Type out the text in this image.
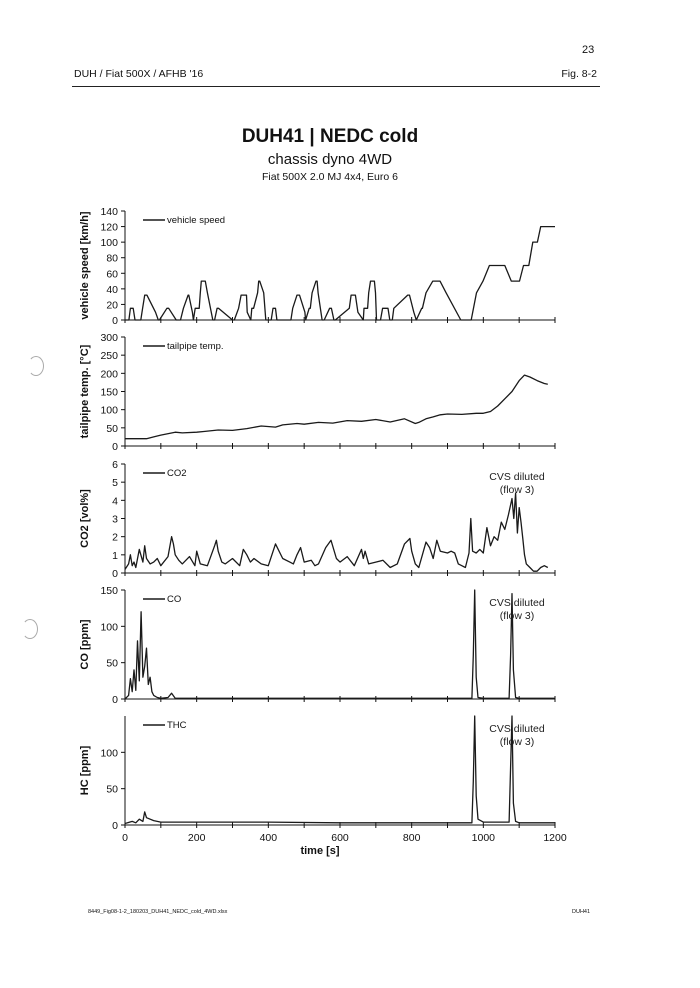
23
DUH / Fiat 500X / AFHB '16	Fig. 8-2
DUH41 | NEDC cold
chassis dyno 4WD
Fiat 500X 2.0 MJ 4x4, Euro 6
0
20
40
60
80
100
120
140
vehicle speed [km/h]	vehicle speed
0
50
100
150
200
250
300
tailpipe temp. [°C]	tailpipe temp.
0
1
2
3
4
5
6
CO2 [vol%]
CO2	CVS diluted
(flow 3)
0
50
100
150
CO [ppm]
CO	CVS diluted
(flow 3)
0
50
100
0	200	400	600	800	1000	1200
time [s]
HC [ppm]
THC	CVS diluted
(flow 3)
8449_Fig08-1-2_180203_DUH41_NEDC_cold_4WD.xlsx	DUH41
